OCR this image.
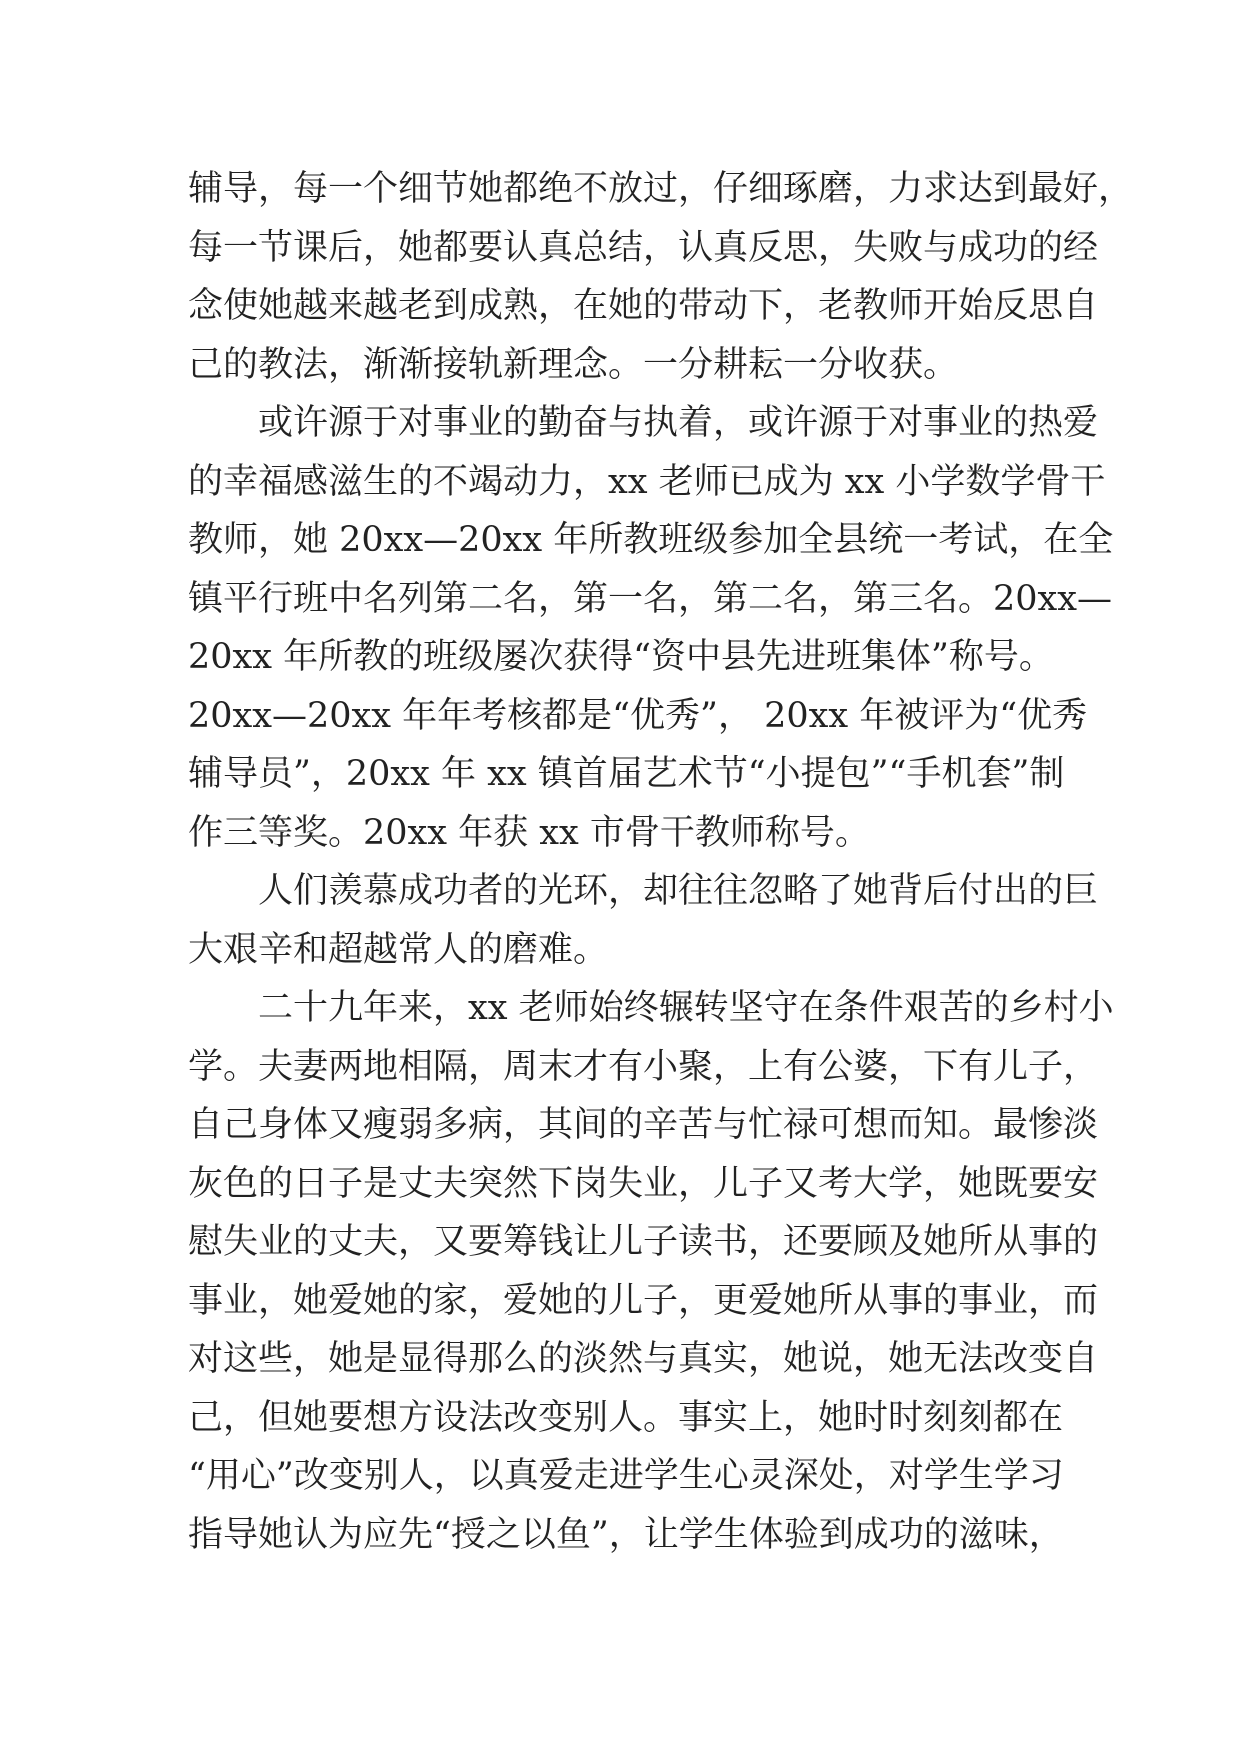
辅导，每一个细节她都绝不放过，仔细琢磨，力求达到最好，
每一节课后，她都要认真总结，认真反思，失败与成功的经
念使她越来越老到成熟，在她的带动下，老教师开始反思自
己的教法，渐渐接轨新理念。一分耕耘一分收获。
　　或许源于对事业的勤奋与执着，或许源于对事业的热爱
的幸福感滋生的不竭动力，xx 老师已成为 xx 小学数学骨干
教师，她 20xx—20xx 年所教班级参加全县统一考试，在全
镇平行班中名列第二名，第一名，第二名，第三名。20xx—
20xx 年所教的班级屡次获得“资中县先进班集体”称号。
20xx—20xx 年年考核都是“优秀”， 20xx 年被评为“优秀
辅导员”，20xx 年 xx 镇首届艺术节“小提包”“手机套”制
作三等奖。20xx 年获 xx 市骨干教师称号。
　　人们羡慕成功者的光环，却往往忽略了她背后付出的巨
大艰辛和超越常人的磨难。
　　二十九年来，xx 老师始终辗转坚守在条件艰苦的乡村小
学。夫妻两地相隔，周末才有小聚，上有公婆，下有儿子，
自己身体又瘦弱多病，其间的辛苦与忙禄可想而知。最惨淡
灰色的日子是丈夫突然下岗失业，儿子又考大学，她既要安
慰失业的丈夫，又要筹钱让儿子读书，还要顾及她所从事的
事业，她爱她的家，爱她的儿子，更爱她所从事的事业，而
对这些，她是显得那么的淡然与真实，她说，她无法改变自
己，但她要想方设法改变别人。事实上，她时时刻刻都在
“用心”改变别人，以真爱走进学生心灵深处，对学生学习
指导她认为应先“授之以鱼”，让学生体验到成功的滋味，
